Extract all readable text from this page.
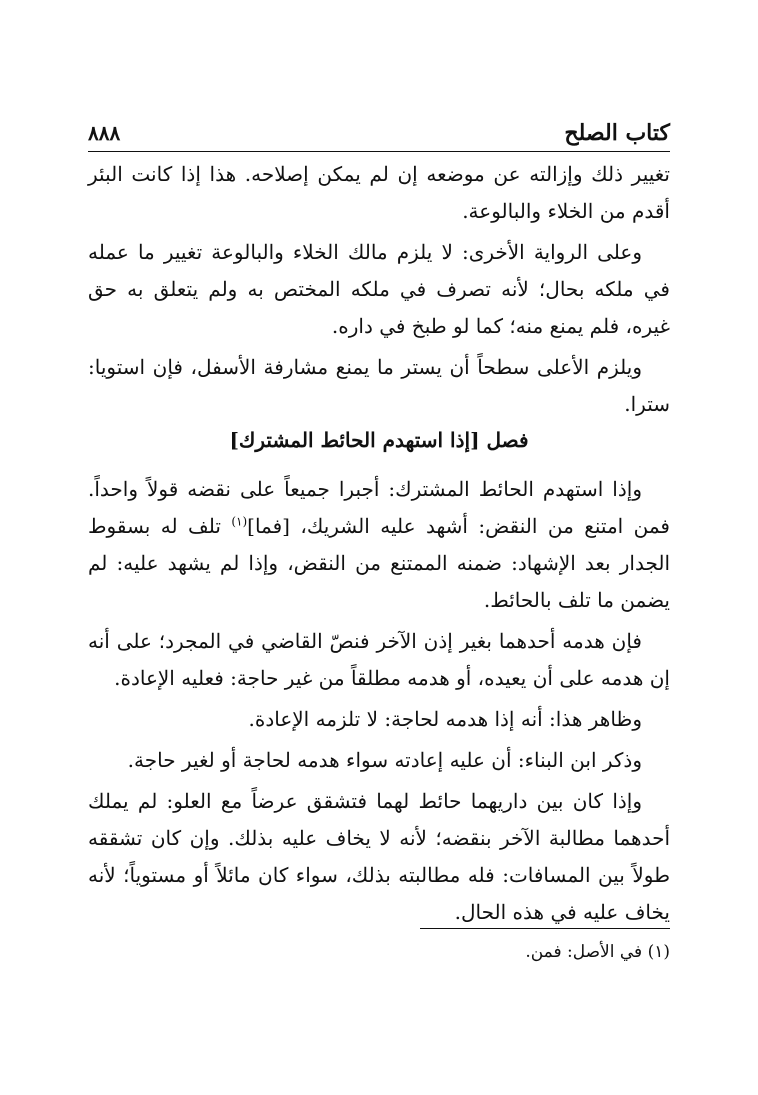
كتاب الصلح
٨٨٨

تغيير ذلك وإزالته عن موضعه إن لم يمكن إصلاحه. هذا إذا كانت البئر أقدم من الخلاء والبالوعة.

وعلى الرواية الأخرى: لا يلزم مالك الخلاء والبالوعة تغيير ما عمله في ملكه بحال؛ لأنه تصرف في ملكه المختص به ولم يتعلق به حق غيره، فلم يمنع منه؛ كما لو طبخ في داره.

ويلزم الأعلى سطحاً أن يستر ما يمنع مشارفة الأسفل، فإن استويا: سترا.

فصل [إذا استهدم الحائط المشترك]

وإذا استهدم الحائط المشترك: أجبرا جميعاً على نقضه قولاً واحداً. فمن امتنع من النقض: أشهد عليه الشريك، [فما]$^{(١)}$ تلف له بسقوط الجدار بعد الإشهاد: ضمنه الممتنع من النقض، وإذا لم يشهد عليه: لم يضمن ما تلف بالحائط.

فإن هدمه أحدهما بغير إذن الآخر فنصّ القاضي في المجرد؛ على أنه إن هدمه على أن يعيده، أو هدمه مطلقاً من غير حاجة: فعليه الإعادة.

وظاهر هذا: أنه إذا هدمه لحاجة: لا تلزمه الإعادة.

وذكر ابن البناء: أن عليه إعادته سواء هدمه لحاجة أو لغير حاجة.

وإذا كان بين داريهما حائط لهما فتشقق عرضاً مع العلو: لم يملك أحدهما مطالبة الآخر بنقضه؛ لأنه لا يخاف عليه بذلك. وإن كان تشققه طولاً بين المسافات: فله مطالبته بذلك، سواء كان مائلاً أو مستوياً؛ لأنه يخاف عليه في هذه الحال.

(١) في الأصل: فمن.
